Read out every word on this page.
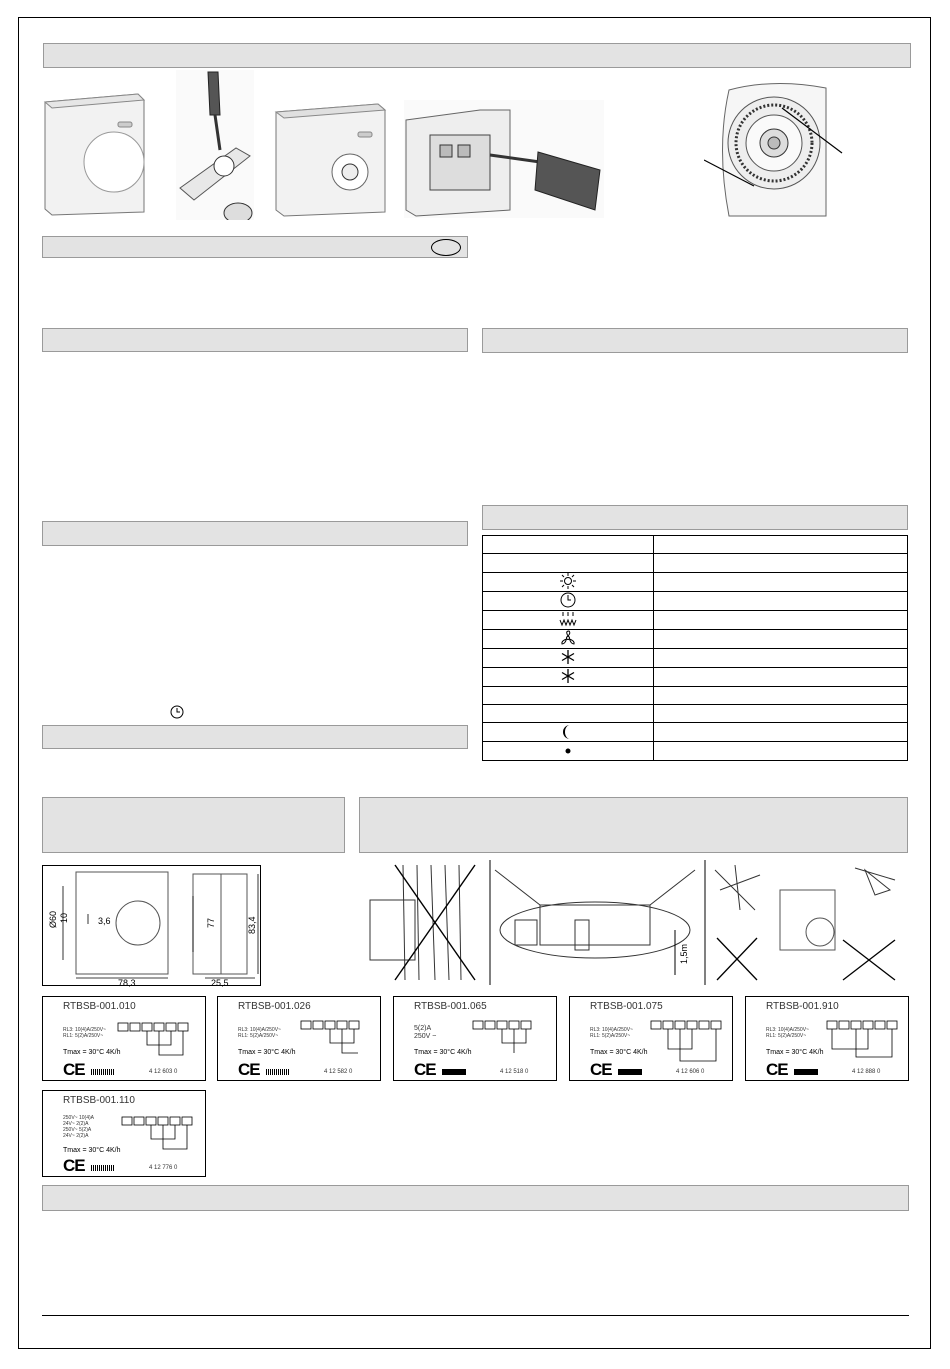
Ø60 10	3,6
78,3
77	83,4
25,5
1,5m
RTBSB-001.010
RL3: 10(4)A/250V~
RL1: 5(2)A/250V~
Tmax = 30°C 4K/h
CE	4 12 603 0
RTBSB-001.026
RL3: 10(4)A/250V~
RL1: 5(2)A/250V~
Tmax = 30°C 4K/h
CE	4 12 582 0
RTBSB-001.065
5(2)A
250V ~
Tmax = 30°C 4K/h
CE	4 12 518 0
RTBSB-001.075
RL3: 10(4)A/250V~
RL1: 5(2)A/250V~
Tmax = 30°C 4K/h
CE	4 12 606 0
RTBSB-001.910
RL3: 10(4)A/250V~
RL1: 5(2)A/250V~
Tmax = 30°C 4K/h
CE	4 12 888 0
RTBSB-001.110
250V~ 10(4)A
24V~ 2(2)A
250V~ 5(2)A
24V~ 2(2)A
Tmax = 30°C 4K/h
CE	4 12 776 0
